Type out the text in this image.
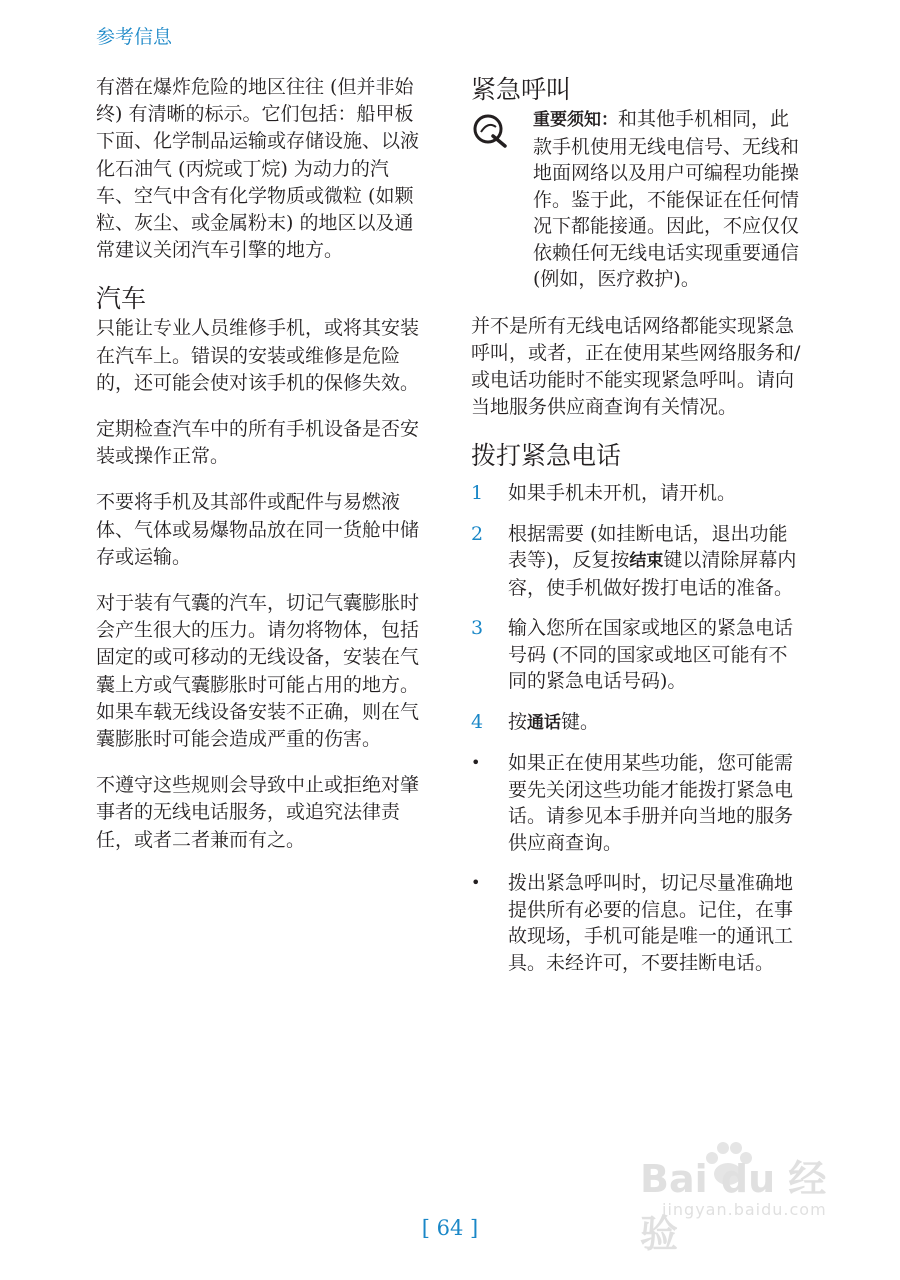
参考信息

有潜在爆炸危险的地区往往 (但并非始终) 有清晰的标示。它们包括：船甲板下面、化学制品运输或存储设施、以液化石油气 (丙烷或丁烷) 为动力的汽车、空气中含有化学物质或微粒 (如颗粒、灰尘、或金属粉末) 的地区以及通常建议关闭汽车引擎的地方。

汽车

只能让专业人员维修手机，或将其安装在汽车上。错误的安装或维修是危险的，还可能会使对该手机的保修失效。

定期检查汽车中的所有手机设备是否安装或操作正常。

不要将手机及其部件或配件与易燃液体、气体或易爆物品放在同一货舱中储存或运输。

对于装有气囊的汽车，切记气囊膨胀时会产生很大的压力。请勿将物体，包括固定的或可移动的无线设备，安装在气囊上方或气囊膨胀时可能占用的地方。如果车载无线设备安装不正确，则在气囊膨胀时可能会造成严重的伤害。

不遵守这些规则会导致中止或拒绝对肇事者的无线电话服务，或追究法律责任，或者二者兼而有之。

紧急呼叫
重要须知：和其他手机相同，此款手机使用无线电信号、无线和地面网络以及用户可编程功能操作。鉴于此，不能保证在任何情况下都能接通。因此，不应仅仅依赖任何无线电话实现重要通信 (例如，医疗救护)。

并不是所有无线电话网络都能实现紧急呼叫，或者，正在使用某些网络服务和/或电话功能时不能实现紧急呼叫。请向当地服务供应商查询有关情况。

拨打紧急电话
1	如果手机未开机，请开机。
2	根据需要 (如挂断电话，退出功能表等)，反复按结束键以清除屏幕内容，使手机做好拨打电话的准备。
3	输入您所在国家或地区的紧急电话号码 (不同的国家或地区可能有不同的紧急电话号码)。
4	按通话键。
•	如果正在使用某些功能，您可能需要先关闭这些功能才能拨打紧急电话。请参见本手册并向当地的服务供应商查询。
•	拨出紧急呼叫时，切记尽量准确地提供所有必要的信息。记住，在事故现场，手机可能是唯一的通讯工具。未经许可，不要挂断电话。
Bai du 经验
jingyan.baidu.com
[ 64 ]
